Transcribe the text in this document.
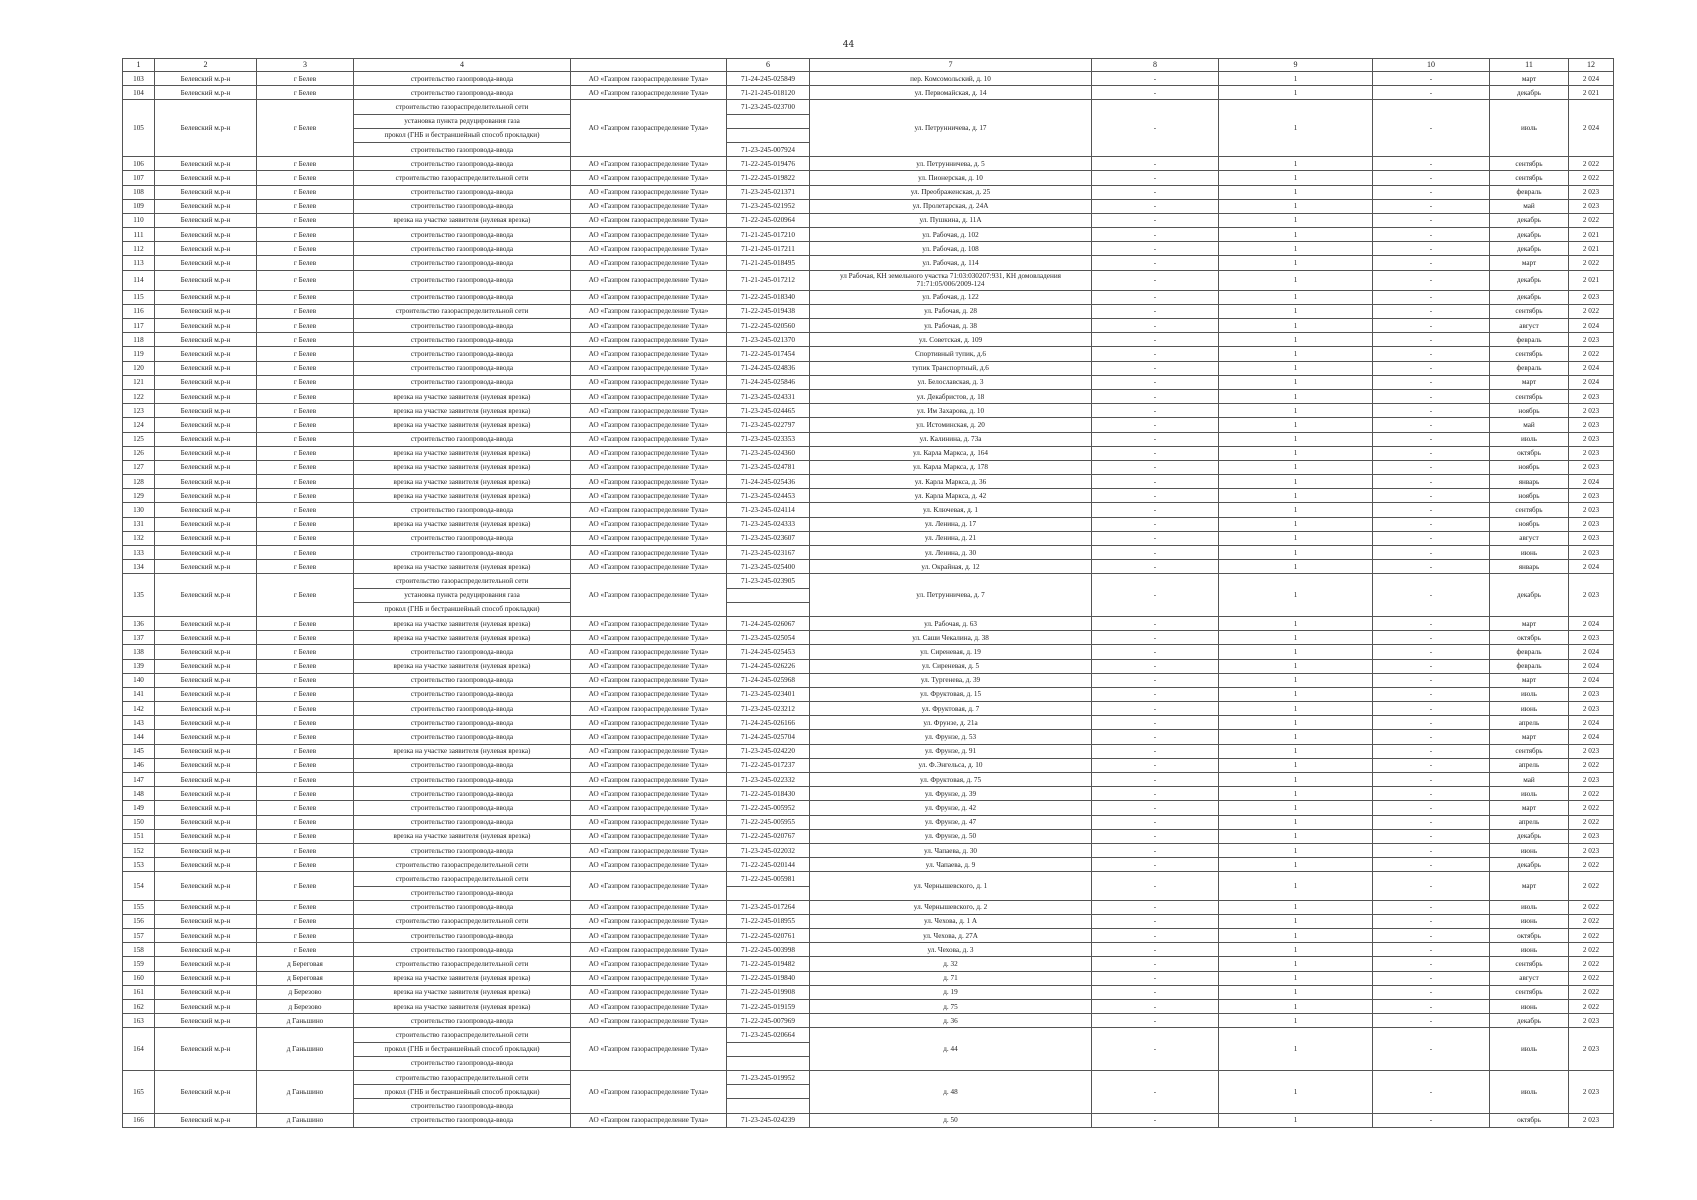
44
1	2	3	4		6	7	8	9	10	11	12
103	Белевский м.р-н	г Белев	строительство газопровода-ввода	АО «Газпром газораспределение Тула»	71-24-245-025849	пер. Комсомольский, д. 10	-	1	-	март	2 024
104	Белевский м.р-н	г Белев	строительство газопровода-ввода	АО «Газпром газораспределение Тула»	71-21-245-018120	ул. Первомайская, д. 14	-	1	-	декабрь	2 021
105	Белевский м.р-н	г Белев	строительство газораспределительной сети	АО «Газпром газораспределение Тула»	71-23-245-023700	ул. Петрунничева, д. 17	-	1	-	июль	2 024
			установка пункта редуцирования газа								
			прокол (ГНБ и бестраншейный способ прокладки)								
			строительство газопровода-ввода		71-23-245-007924						
106	Белевский м.р-н	г Белев	строительство газопровода-ввода	АО «Газпром газораспределение Тула»	71-22-245-019476	ул. Петрунничева, д. 5	-	1	-	сентябрь	2 022
107	Белевский м.р-н	г Белев	строительство газораспределительной сети	АО «Газпром газораспределение Тула»	71-22-245-019822	ул. Пионерская, д. 10	-	1	-	сентябрь	2 022
108	Белевский м.р-н	г Белев	строительство газопровода-ввода	АО «Газпром газораспределение Тула»	71-23-245-021371	ул. Преображенская, д. 25	-	1	-	февраль	2 023
109	Белевский м.р-н	г Белев	строительство газопровода-ввода	АО «Газпром газораспределение Тула»	71-23-245-021952	ул. Пролетарская, д. 24А	-	1	-	май	2 023
110	Белевский м.р-н	г Белев	врезка на участке заявителя (нулевая врезка)	АО «Газпром газораспределение Тула»	71-22-245-020964	ул. Пушкина, д. 11А	-	1	-	декабрь	2 022
111	Белевский м.р-н	г Белев	строительство газопровода-ввода	АО «Газпром газораспределение Тула»	71-21-245-017210	ул. Рабочая, д. 102	-	1	-	декабрь	2 021
112	Белевский м.р-н	г Белев	строительство газопровода-ввода	АО «Газпром газораспределение Тула»	71-21-245-017211	ул. Рабочая, д. 108	-	1	-	декабрь	2 021
113	Белевский м.р-н	г Белев	строительство газопровода-ввода	АО «Газпром газораспределение Тула»	71-21-245-018495	ул. Рабочая, д. 114	-	1	-	март	2 022
114	Белевский м.р-н	г Белев	строительство газопровода-ввода	АО «Газпром газораспределение Тула»	71-21-245-017212	ул Рабочая, КН земельного участка 71:03:030207:931, КН домовладения 71:71:05/006/2009-124	-	1	-	декабрь	2 021
115	Белевский м.р-н	г Белев	строительство газопровода-ввода	АО «Газпром газораспределение Тула»	71-22-245-018340	ул. Рабочая, д. 122	-	1	-	декабрь	2 023
116	Белевский м.р-н	г Белев	строительство газораспределительной сети	АО «Газпром газораспределение Тула»	71-22-245-019438	ул. Рабочая, д. 28	-	1	-	сентябрь	2 022
117	Белевский м.р-н	г Белев	строительство газопровода-ввода	АО «Газпром газораспределение Тула»	71-22-245-020560	ул. Рабочая, д. 38	-	1	-	август	2 024
118	Белевский м.р-н	г Белев	строительство газопровода-ввода	АО «Газпром газораспределение Тула»	71-23-245-021370	ул. Советская, д. 109	-	1	-	февраль	2 023
119	Белевский м.р-н	г Белев	строительство газопровода-ввода	АО «Газпром газораспределение Тула»	71-22-245-017454	Спортивный тупик, д.6	-	1	-	сентябрь	2 022
120	Белевский м.р-н	г Белев	строительство газопровода-ввода	АО «Газпром газораспределение Тула»	71-24-245-024836	тупик Транспортный, д.6	-	1	-	февраль	2 024
121	Белевский м.р-н	г Белев	строительство газопровода-ввода	АО «Газпром газораспределение Тула»	71-24-245-025846	ул. Белославская, д. 3	-	1	-	март	2 024
122	Белевский м.р-н	г Белев	врезка на участке заявителя (нулевая врезка)	АО «Газпром газораспределение Тула»	71-23-245-024331	ул. Декабристов, д. 18	-	1	-	сентябрь	2 023
123	Белевский м.р-н	г Белев	врезка на участке заявителя (нулевая врезка)	АО «Газпром газораспределение Тула»	71-23-245-024465	ул. Им Захарова, д. 10	-	1	-	ноябрь	2 023
124	Белевский м.р-н	г Белев	врезка на участке заявителя (нулевая врезка)	АО «Газпром газораспределение Тула»	71-23-245-022797	ул. Истоминская, д. 20	-	1	-	май	2 023
125	Белевский м.р-н	г Белев	строительство газопровода-ввода	АО «Газпром газораспределение Тула»	71-23-245-023353	ул. Калинина, д. 73а	-	1	-	июль	2 023
126	Белевский м.р-н	г Белев	врезка на участке заявителя (нулевая врезка)	АО «Газпром газораспределение Тула»	71-23-245-024360	ул. Карла Маркса, д. 164	-	1	-	октябрь	2 023
127	Белевский м.р-н	г Белев	врезка на участке заявителя (нулевая врезка)	АО «Газпром газораспределение Тула»	71-23-245-024781	ул. Карла Маркса, д. 178	-	1	-	ноябрь	2 023
128	Белевский м.р-н	г Белев	врезка на участке заявителя (нулевая врезка)	АО «Газпром газораспределение Тула»	71-24-245-025436	ул. Карла Маркса, д. 36	-	1	-	январь	2 024
129	Белевский м.р-н	г Белев	врезка на участке заявителя (нулевая врезка)	АО «Газпром газораспределение Тула»	71-23-245-024453	ул. Карла Маркса, д. 42	-	1	-	ноябрь	2 023
130	Белевский м.р-н	г Белев	строительство газопровода-ввода	АО «Газпром газораспределение Тула»	71-23-245-024114	ул. Ключевая, д. 1	-	1	-	сентябрь	2 023
131	Белевский м.р-н	г Белев	врезка на участке заявителя (нулевая врезка)	АО «Газпром газораспределение Тула»	71-23-245-024333	ул. Ленина, д. 17	-	1	-	ноябрь	2 023
132	Белевский м.р-н	г Белев	строительство газопровода-ввода	АО «Газпром газораспределение Тула»	71-23-245-023607	ул. Ленина, д. 21	-	1	-	август	2 023
133	Белевский м.р-н	г Белев	строительство газопровода-ввода	АО «Газпром газораспределение Тула»	71-23-245-023167	ул. Ленина, д. 30	-	1	-	июнь	2 023
134	Белевский м.р-н	г Белев	врезка на участке заявителя (нулевая врезка)	АО «Газпром газораспределение Тула»	71-23-245-025400	ул. Окрайная, д. 12	-	1	-	январь	2 024
135	Белевский м.р-н	г Белев	строительство газораспределительной сети	АО «Газпром газораспределение Тула»	71-23-245-023905	ул. Петрунничева, д. 7	-	1	-	декабрь	2 023
			установка пункта редуцирования газа								
			прокол (ГНБ и бестраншейный способ прокладки)								
136	Белевский м.р-н	г Белев	врезка на участке заявителя (нулевая врезка)	АО «Газпром газораспределение Тула»	71-24-245-026067	ул. Рабочая, д. 63	-	1	-	март	2 024
137	Белевский м.р-н	г Белев	врезка на участке заявителя (нулевая врезка)	АО «Газпром газораспределение Тула»	71-23-245-025054	ул. Саши Чекалина, д. 38	-	1	-	октябрь	2 023
138	Белевский м.р-н	г Белев	строительство газопровода-ввода	АО «Газпром газораспределение Тула»	71-24-245-025453	ул. Сиреневая, д. 19	-	1	-	февраль	2 024
139	Белевский м.р-н	г Белев	врезка на участке заявителя (нулевая врезка)	АО «Газпром газораспределение Тула»	71-24-245-026226	ул. Сиреневая, д. 5	-	1	-	февраль	2 024
140	Белевский м.р-н	г Белев	строительство газопровода-ввода	АО «Газпром газораспределение Тула»	71-24-245-025968	ул. Тургенева, д. 39	-	1	-	март	2 024
141	Белевский м.р-н	г Белев	строительство газопровода-ввода	АО «Газпром газораспределение Тула»	71-23-245-023401	ул. Фруктовая, д. 15	-	1	-	июль	2 023
142	Белевский м.р-н	г Белев	строительство газопровода-ввода	АО «Газпром газораспределение Тула»	71-23-245-023212	ул. Фруктовая, д. 7	-	1	-	июнь	2 023
143	Белевский м.р-н	г Белев	строительство газопровода-ввода	АО «Газпром газораспределение Тула»	71-24-245-026166	ул. Фрунзе, д. 21а	-	1	-	апрель	2 024
144	Белевский м.р-н	г Белев	строительство газопровода-ввода	АО «Газпром газораспределение Тула»	71-24-245-025704	ул. Фрунзе, д. 53	-	1	-	март	2 024
145	Белевский м.р-н	г Белев	врезка на участке заявителя (нулевая врезка)	АО «Газпром газораспределение Тула»	71-23-245-024220	ул. Фрунзе, д. 91	-	1	-	сентябрь	2 023
146	Белевский м.р-н	г Белев	строительство газопровода-ввода	АО «Газпром газораспределение Тула»	71-22-245-017237	ул. Ф.Энгельса, д. 10	-	1	-	апрель	2 022
147	Белевский м.р-н	г Белев	строительство газопровода-ввода	АО «Газпром газораспределение Тула»	71-23-245-022332	ул. Фруктовая, д. 75	-	1	-	май	2 023
148	Белевский м.р-н	г Белев	строительство газопровода-ввода	АО «Газпром газораспределение Тула»	71-22-245-018430	ул. Фрунзе, д. 39	-	1	-	июль	2 022
149	Белевский м.р-н	г Белев	строительство газопровода-ввода	АО «Газпром газораспределение Тула»	71-22-245-005952	ул. Фрунзе, д. 42	-	1	-	март	2 022
150	Белевский м.р-н	г Белев	строительство газопровода-ввода	АО «Газпром газораспределение Тула»	71-22-245-005955	ул. Фрунзе, д. 47	-	1	-	апрель	2 022
151	Белевский м.р-н	г Белев	врезка на участке заявителя (нулевая врезка)	АО «Газпром газораспределение Тула»	71-22-245-020767	ул. Фрунзе, д. 50	-	1	-	декабрь	2 023
152	Белевский м.р-н	г Белев	строительство газопровода-ввода	АО «Газпром газораспределение Тула»	71-23-245-022032	ул. Чапаева, д. 30	-	1	-	июнь	2 023
153	Белевский м.р-н	г Белев	строительство газораспределительной сети	АО «Газпром газораспределение Тула»	71-22-245-020144	ул. Чапаева, д. 9	-	1	-	декабрь	2 022
154	Белевский м.р-н	г Белев	строительство газораспределительной сети	АО «Газпром газораспределение Тула»	71-22-245-005981	ул. Чернышевского, д. 1	-	1	-	март	2 022
			строительство газопровода-ввода								
155	Белевский м.р-н	г Белев	строительство газопровода-ввода	АО «Газпром газораспределение Тула»	71-23-245-017264	ул. Чернышевского, д. 2	-	1	-	июль	2 022
156	Белевский м.р-н	г Белев	строительство газораспределительной сети	АО «Газпром газораспределение Тула»	71-22-245-018955	ул. Чехова, д. 1 А	-	1	-	июнь	2 022
157	Белевский м.р-н	г Белев	строительство газопровода-ввода	АО «Газпром газораспределение Тула»	71-22-245-020761	ул. Чехова, д. 27А	-	1	-	октябрь	2 022
158	Белевский м.р-н	г Белев	строительство газопровода-ввода	АО «Газпром газораспределение Тула»	71-22-245-003998	ул. Чехова, д. 3	-	1	-	июнь	2 022
159	Белевский м.р-н	д Береговая	строительство газораспределительной сети	АО «Газпром газораспределение Тула»	71-22-245-019482	д. 32	-	1	-	сентябрь	2 022
160	Белевский м.р-н	д Береговая	врезка на участке заявителя (нулевая врезка)	АО «Газпром газораспределение Тула»	71-22-245-019840	д. 71	-	1	-	август	2 022
161	Белевский м.р-н	д Березово	врезка на участке заявителя (нулевая врезка)	АО «Газпром газораспределение Тула»	71-22-245-019908	д. 19	-	1	-	сентябрь	2 022
162	Белевский м.р-н	д Березово	врезка на участке заявителя (нулевая врезка)	АО «Газпром газораспределение Тула»	71-22-245-019159	д. 75	-	1	-	июнь	2 022
163	Белевский м.р-н	д Ганьшино	строительство газопровода-ввода	АО «Газпром газораспределение Тула»	71-22-245-007969	д. 36	-	1	-	декабрь	2 023
164	Белевский м.р-н	д Ганьшино	строительство газораспределительной сети	АО «Газпром газораспределение Тула»	71-23-245-020664	д. 44	-	1	-	июль	2 023
			прокол (ГНБ и бестраншейный способ прокладки)								
			строительство газопровода-ввода								
165	Белевский м.р-н	д Ганьшино	строительство газораспределительной сети	АО «Газпром газораспределение Тула»	71-23-245-019952	д. 48	-	1	-	июль	2 023
			прокол (ГНБ и бестраншейный способ прокладки)								
			строительство газопровода-ввода								
166	Белевский м.р-н	д Ганьшино	строительство газопровода-ввода	АО «Газпром газораспределение Тула»	71-23-245-024239	д. 50	-	1	-	октябрь	2 023
